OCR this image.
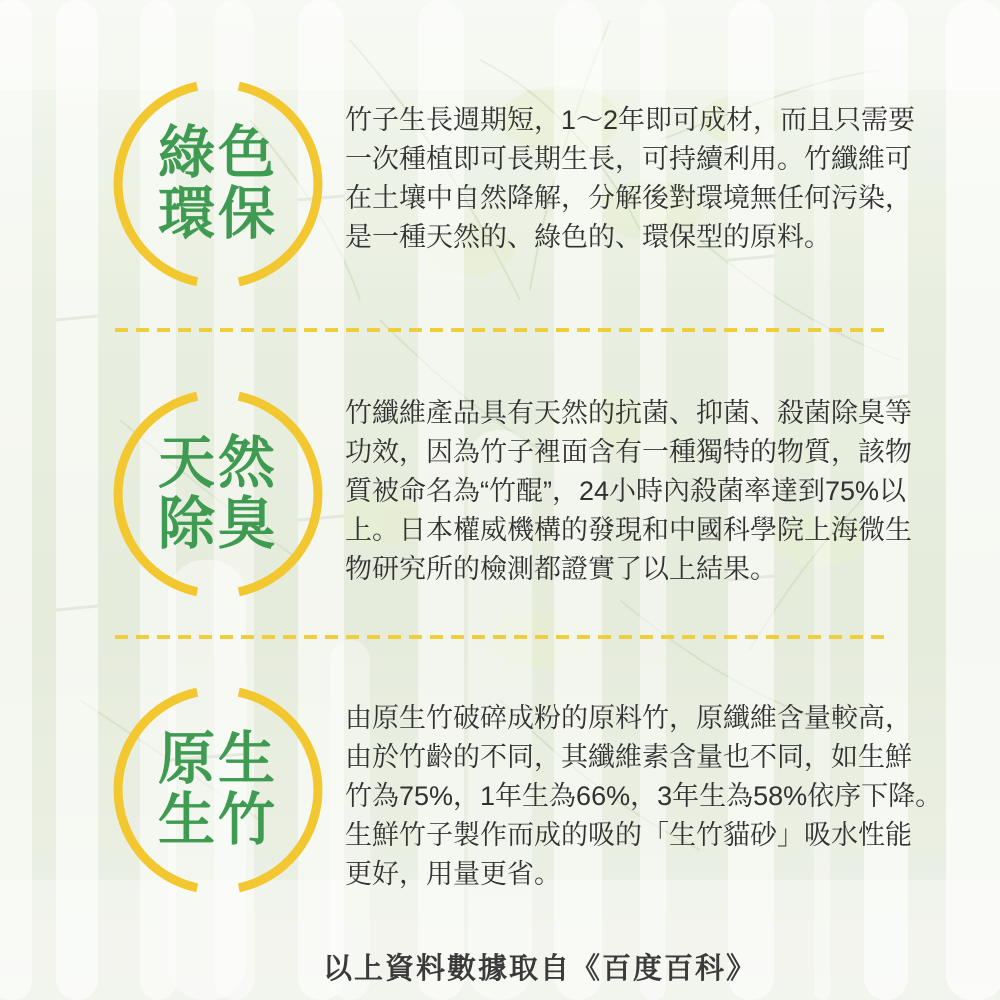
綠色
環保
竹子生長週期短，1～2年即可成材，而且只需要
一次種植即可長期生長，可持續利用。竹纖維可
在土壤中自然降解，分解後對環境無任何污染，
是一種天然的、綠色的、環保型的原料。
天然
除臭
竹纖維產品具有天然的抗菌、抑菌、殺菌除臭等
功效，因為竹子裡面含有一種獨特的物質，該物
質被命名為“竹醌”，24小時內殺菌率達到75%以
上。日本權威機構的發現和中國科學院上海微生
物研究所的檢測都證實了以上結果。
原生
生竹
由原生竹破碎成粉的原料竹，原纖維含量較高，
由於竹齡的不同，其纖維素含量也不同，如生鮮
竹為75%，1年生為66%，3年生為58%依序下降。
生鮮竹子製作而成的吸的「生竹貓砂」吸水性能
更好，用量更省。
以上資料數據取自《百度百科》
